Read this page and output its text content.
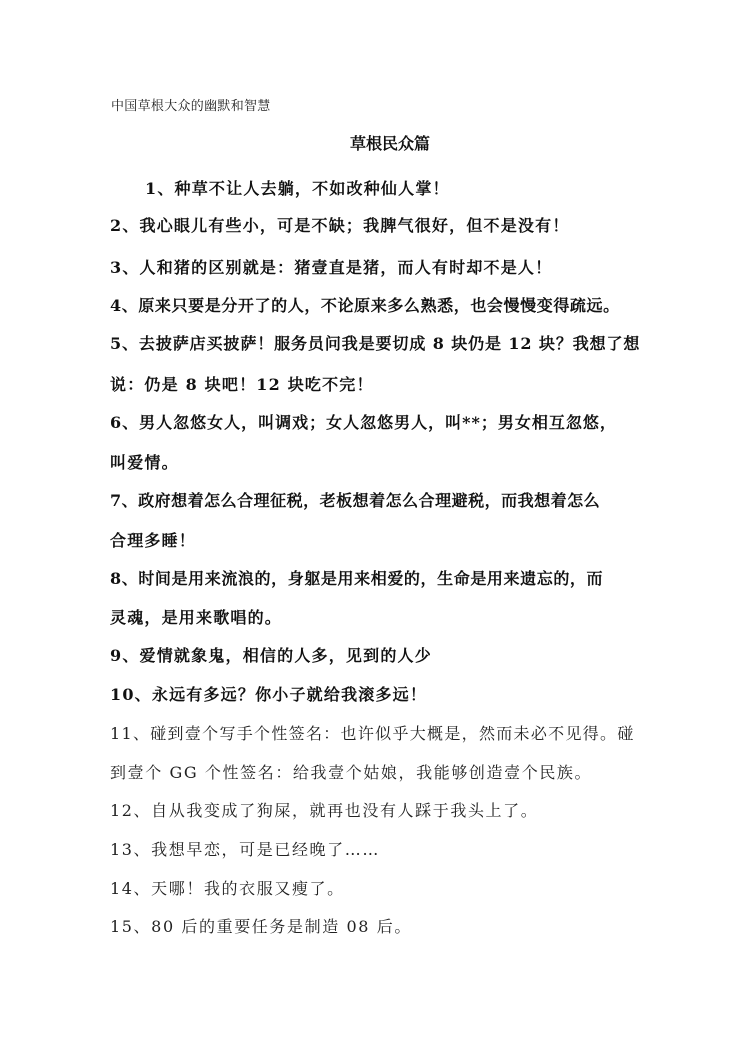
中国草根大众的幽默和智慧
草根民众篇
1、种草不让人去躺，不如改种仙人掌！
2、我心眼儿有些小，可是不缺；我脾气很好，但不是没有！
3、人和猪的区别就是：猪壹直是猪，而人有时却不是人！
4、原来只要是分开了的人，不论原来多么熟悉，也会慢慢变得疏远。
5、去披萨店买披萨！服务员问我是要切成 8 块仍是 12 块？我想了想
说：仍是 8 块吧！12 块吃不完！
6、男人忽悠女人，叫调戏；女人忽悠男人，叫**；男女相互忽悠，
叫爱情。
7、政府想着怎么合理征税，老板想着怎么合理避税，而我想着怎么
合理多睡！
8、时间是用来流浪的，身躯是用来相爱的，生命是用来遗忘的，而
灵魂，是用来歌唱的。
9、爱情就象鬼，相信的人多，见到的人少
10、永远有多远？你小子就给我滚多远！
11、碰到壹个写手个性签名：也许似乎大概是，然而未必不见得。碰
到壹个 GG 个性签名：给我壹个姑娘，我能够创造壹个民族。
12、自从我变成了狗屎，就再也没有人踩于我头上了。
13、我想早恋，可是已经晚了……
14、天哪！我的衣服又瘦了。
15、80 后的重要任务是制造 08 后。
